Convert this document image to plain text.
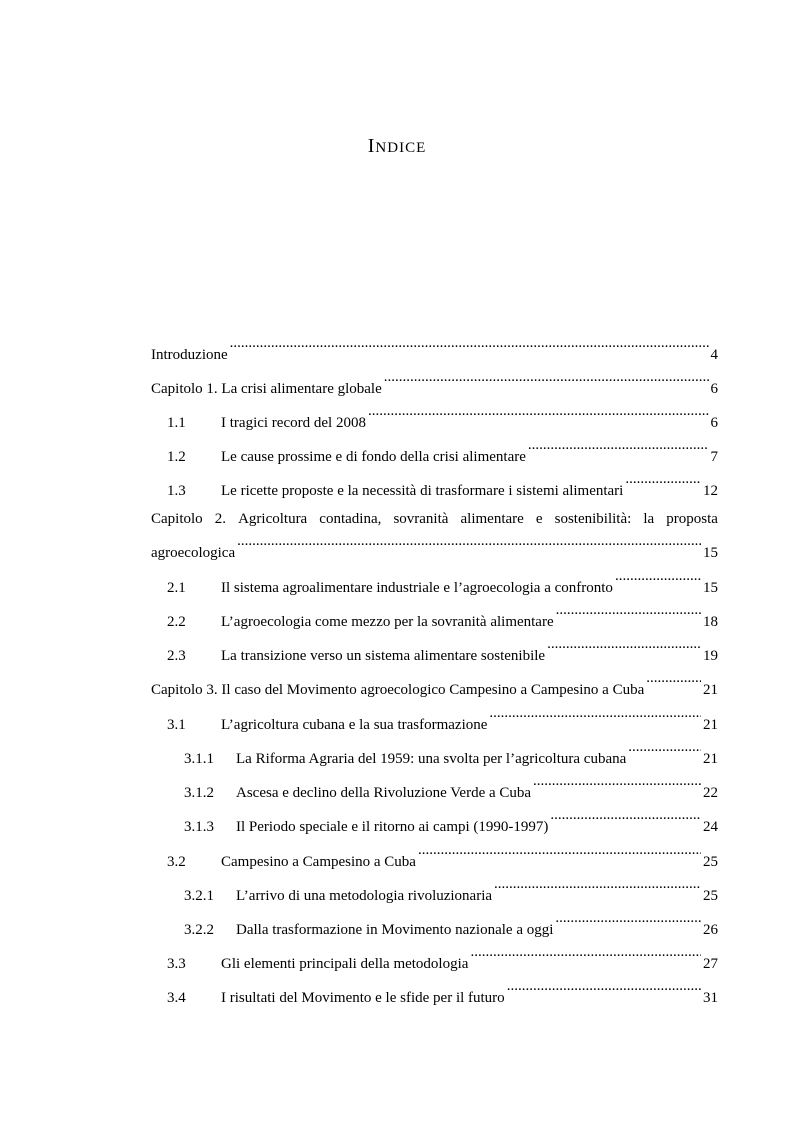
INDICE
Introduzione .....	4
Capitolo 1. La crisi alimentare globale .....	6
1.1	I tragici record del 2008 .....	6
1.2	Le cause prossime e di fondo della crisi alimentare .....	7
1.3	Le ricette proposte e la necessità di trasformare i sistemi alimentari .....	12
Capitolo 2. Agricoltura contadina, sovranità alimentare e sostenibilità: la proposta
agroecologica .....	15
2.1	Il sistema agroalimentare industriale e l’agroecologia a confronto .....	15
2.2	L’agroecologia come mezzo per la sovranità alimentare .....	18
2.3	La transizione verso un sistema alimentare sostenibile .....	19
Capitolo 3. Il caso del Movimento agroecologico Campesino a Campesino a Cuba .....	21
3.1	L’agricoltura cubana e la sua trasformazione .....	21
3.1.1	La Riforma Agraria del 1959: una svolta per l’agricoltura cubana .....	21
3.1.2	Ascesa e declino della Rivoluzione Verde a Cuba .....	22
3.1.3	Il Periodo speciale e il ritorno ai campi (1990-1997) .....	24
3.2	Campesino a Campesino a Cuba .....	25
3.2.1	L’arrivo di una metodologia rivoluzionaria .....	25
3.2.2	Dalla trasformazione in Movimento nazionale a oggi .....	26
3.3	Gli elementi principali della metodologia .....	27
3.4	I risultati del Movimento e le sfide per il futuro .....	31
